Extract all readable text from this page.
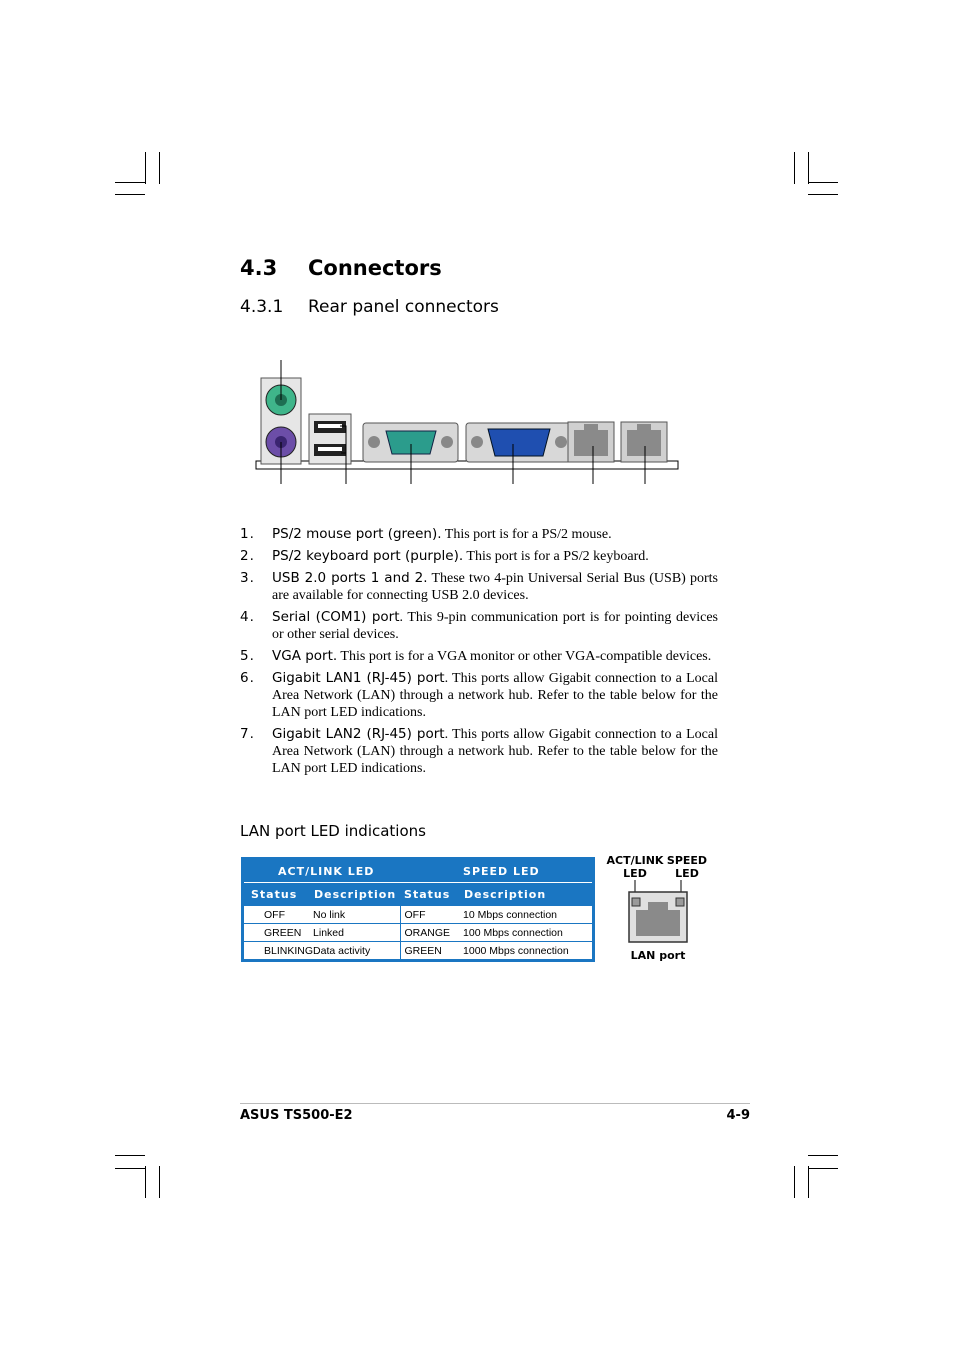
4.3 Connectors
4.3.1 Rear panel connectors
1.	PS/2 mouse port (green). This port is for a PS/2 mouse.
2.	PS/2 keyboard port (purple). This port is for a PS/2 keyboard.
3.	USB 2.0 ports 1 and 2. These two 4-pin Universal Serial Bus (USB) ports are available for connecting USB 2.0 devices.
4.	Serial (COM1) port. This 9-pin communication port is for pointing devices or other serial devices.
5.	VGA port. This port is for a VGA monitor or other VGA-compatible devices.
6.	Gigabit LAN1 (RJ-45) port. This ports allow Gigabit connection to a Local Area Network (LAN) through a network hub. Refer to the table below for the LAN port LED indications.
7.	Gigabit LAN2 (RJ-45) port. This ports allow Gigabit connection to a Local Area Network (LAN) through a network hub. Refer to the table below for the LAN port LED indications.
LAN port LED indications
ACT/LINK LED		SPEED LED	
Status	Description	Status	Description
OFF	No link	OFF	10 Mbps connection
GREEN	Linked	ORANGE	100 Mbps connection
BLINKING	Data activity	GREEN	1000 Mbps connection
ACT/LINK
LED
SPEED
LED
LAN port
ASUS TS500-E2	4-9
